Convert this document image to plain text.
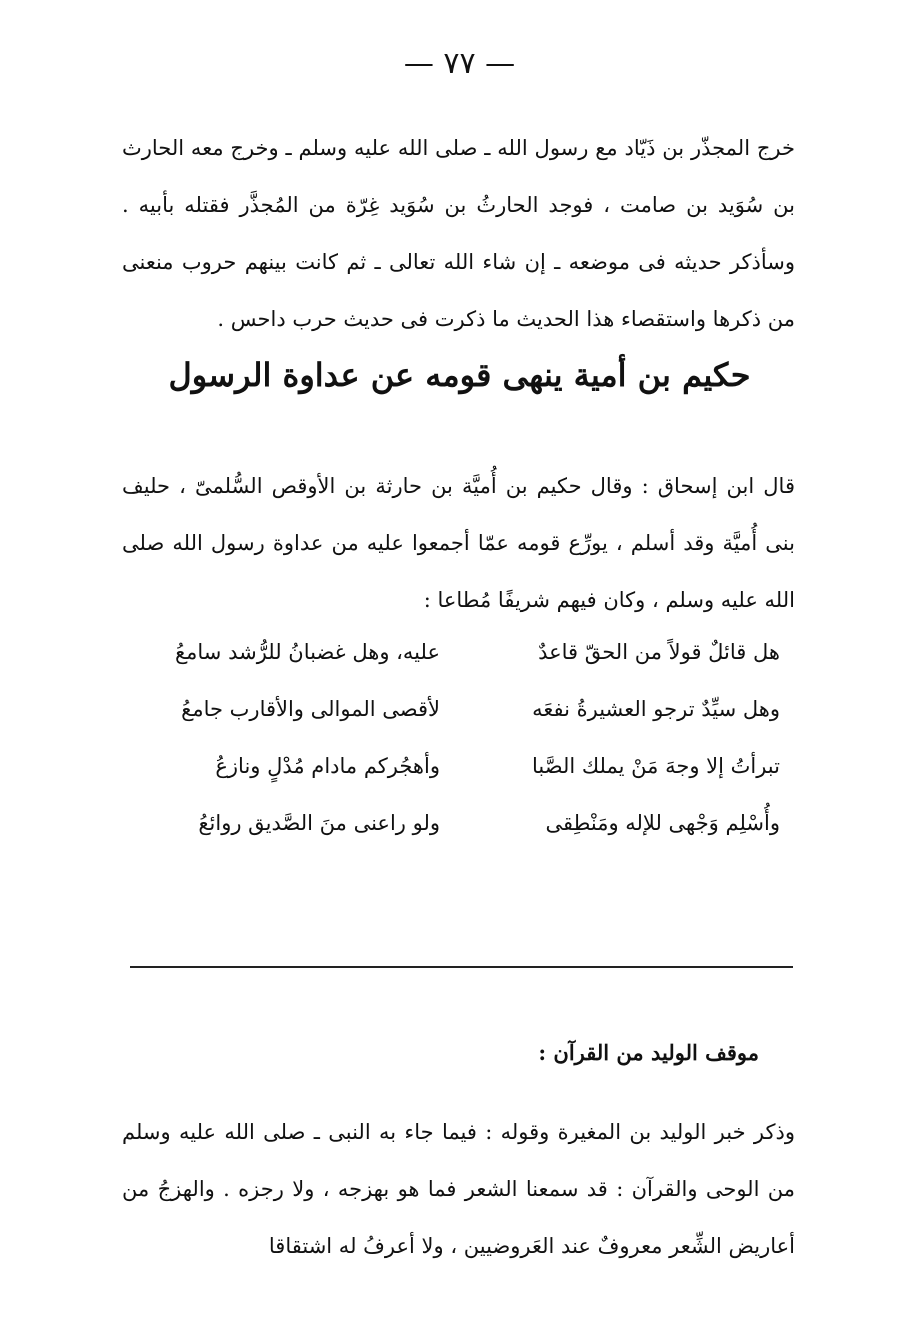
— ٧٧ —

خرج المجذّر بن ذَيّاد مع رسول الله ـ صلى الله عليه وسلم ـ وخرج معه الحارث بن سُوَيد بن صامت ، فوجد الحارثُ بن سُوَيد غِرّة من المُجذَّر فقتله بأبيه . وسأذكر حديثه فى موضعه ـ إن شاء الله تعالى ـ ثم كانت بينهم حروب منعنى من ذكرها واستقصاء هذا الحديث ما ذكرت فى حديث حرب داحس .

حكيم بن أمية ينهى قومه عن عداوة الرسول

قال ابن إسحاق : وقال حكيم بن أُميَّة بن حارثة بن الأوقص السُّلمىّ ، حليف بنى أُميَّة وقد أسلم ، يورِّع قومه عمّا أجمعوا عليه من عداوة رسول الله صلى الله عليه وسلم ، وكان فيهم شريفًا مُطاعا :

هل قائلٌ قولاً من الحقّ قاعدٌ
عليه، وهل غضبانُ للرُّشد سامعُ
وهل سيِّدٌ ترجو العشيرةُ نفعَه
لأقصى الموالى والأقارب جامعُ
تبرأتُ إلا وجهَ مَنْ يملك الصَّبا
وأهجُركم مادام مُدْلٍ ونازعُ
وأُسْلِم وَجْهى للإله ومَنْطِقى
ولو راعنى منَ الصَّديق روائعُ
موقف الوليد من القرآن :

وذكر خبر الوليد بن المغيرة وقوله : فيما جاء به النبى ـ صلى الله عليه وسلم من الوحى والقرآن : قد سمعنا الشعر فما هو بهزجه ، ولا رجزه . والهزجُ من أعاريض الشِّعر معروفٌ عند العَروضيين ، ولا أعرفُ له اشتقاقا
